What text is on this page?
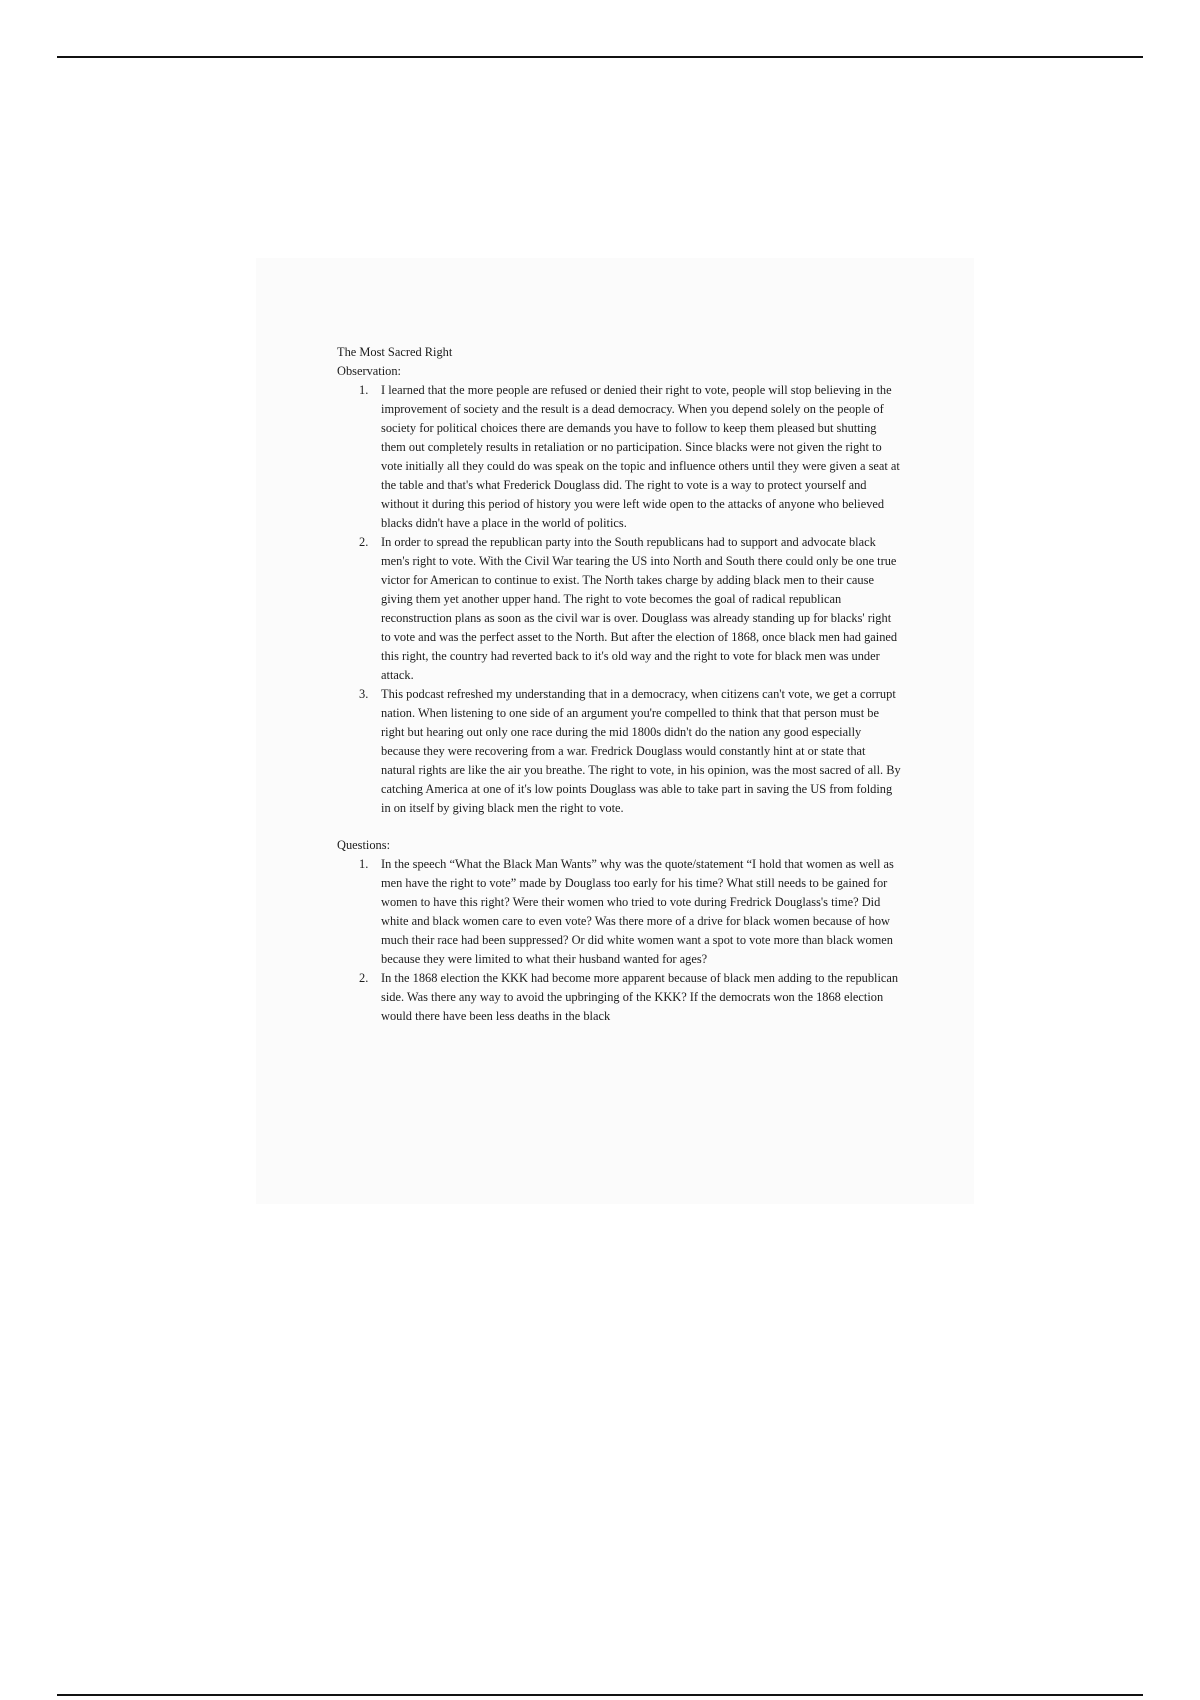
The Most Sacred Right
Observation:
1. I learned that the more people are refused or denied their right to vote, people will stop believing in the improvement of society and the result is a dead democracy. When you depend solely on the people of society for political choices there are demands you have to follow to keep them pleased but shutting them out completely results in retaliation or no participation. Since blacks were not given the right to vote initially all they could do was speak on the topic and influence others until they were given a seat at the table and that's what Frederick Douglass did. The right to vote is a way to protect yourself and without it during this period of history you were left wide open to the attacks of anyone who believed blacks didn't have a place in the world of politics.
2. In order to spread the republican party into the South republicans had to support and advocate black men's right to vote. With the Civil War tearing the US into North and South there could only be one true victor for American to continue to exist. The North takes charge by adding black men to their cause giving them yet another upper hand. The right to vote becomes the goal of radical republican reconstruction plans as soon as the civil war is over. Douglass was already standing up for blacks' right to vote and was the perfect asset to the North. But after the election of 1868, once black men had gained this right, the country had reverted back to it's old way and the right to vote for black men was under attack.
3. This podcast refreshed my understanding that in a democracy, when citizens can't vote, we get a corrupt nation. When listening to one side of an argument you're compelled to think that that person must be right but hearing out only one race during the mid 1800s didn't do the nation any good especially because they were recovering from a war. Fredrick Douglass would constantly hint at or state that natural rights are like the air you breathe. The right to vote, in his opinion, was the most sacred of all. By catching America at one of it's low points Douglass was able to take part in saving the US from folding in on itself by giving black men the right to vote.
Questions:
1. In the speech “What the Black Man Wants” why was the quote/statement “I hold that women as well as men have the right to vote” made by Douglass too early for his time? What still needs to be gained for women to have this right? Were their women who tried to vote during Fredrick Douglass's time? Did white and black women care to even vote? Was there more of a drive for black women because of how much their race had been suppressed? Or did white women want a spot to vote more than black women because they were limited to what their husband wanted for ages?
2. In the 1868 election the KKK had become more apparent because of black men adding to the republican side. Was there any way to avoid the upbringing of the KKK? If the democrats won the 1868 election would there have been less deaths in the black
